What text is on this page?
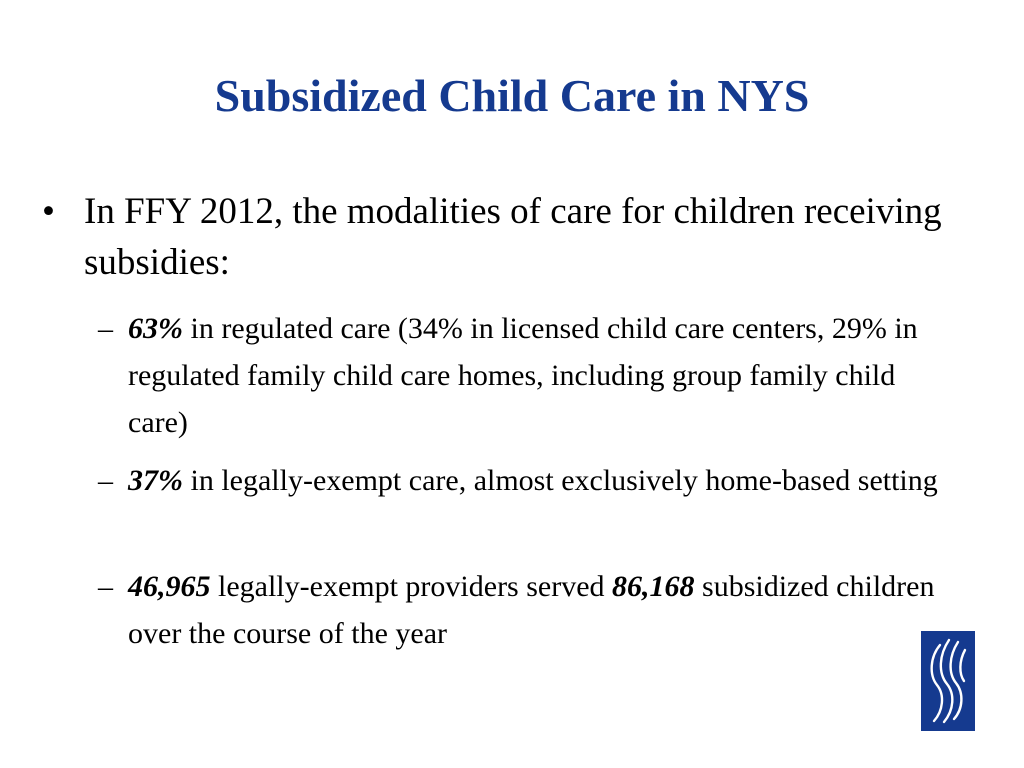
Subsidized Child Care in NYS
• In FFY 2012, the modalities of care for children receiving subsidies:
– 63% in regulated care (34% in licensed child care centers, 29% in regulated family child care homes, including group family child care)
– 37% in legally-exempt care, almost exclusively home-based setting
– 46,965 legally-exempt providers served 86,168 subsidized children over the course of the year
